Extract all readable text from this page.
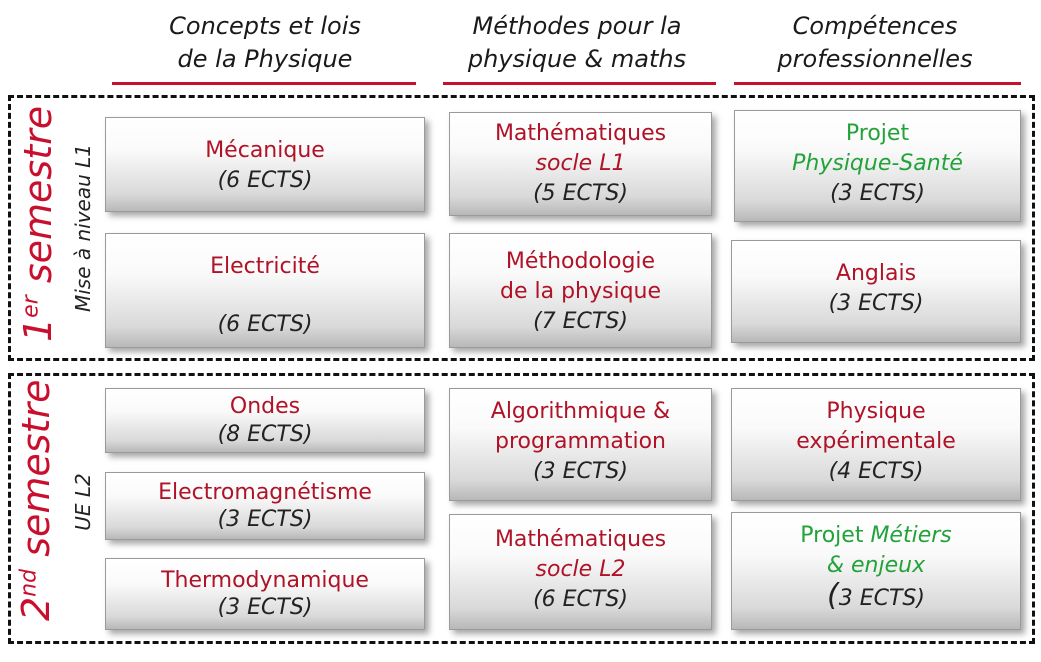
Concepts et lois
de la Physique
Méthodes pour la
physique & maths
Compétences
professionnelles
1er semestre Mise à niveau L1	Mécanique
(6 ECTS)
Electricité
(6 ECTS)
Mathématiques
socle L1
(5 ECTS)
Méthodologie
de la physique
(7 ECTS)
Projet
Physique-Santé
(3 ECTS)
Anglais
(3 ECTS)
2nd semestre UE L2
Ondes
(8 ECTS)
Electromagnétisme
(3 ECTS)
Thermodynamique
(3 ECTS)
Algorithmique &
programmation
(3 ECTS)
Mathématiques
socle L2
(6 ECTS)
Physique
expérimentale
(4 ECTS)
Projet Métiers
& enjeux
(3 ECTS)
